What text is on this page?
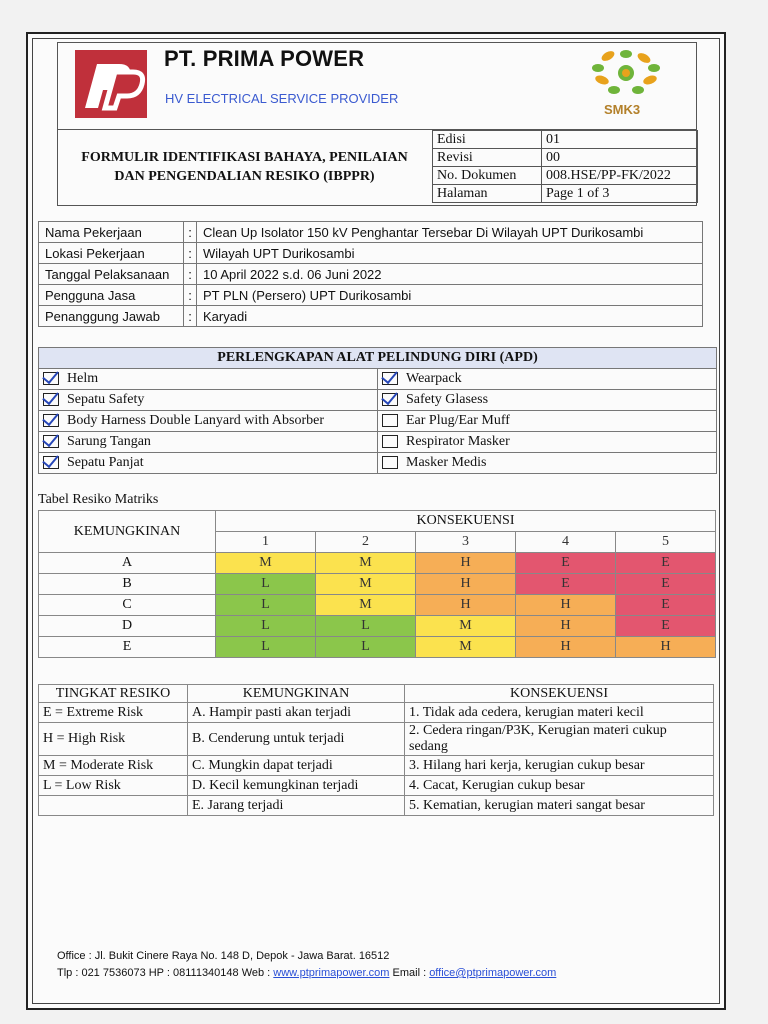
PT. PRIMA POWER
HV ELECTRICAL SERVICE PROVIDER
SMK3
FORMULIR IDENTIFIKASI BAHAYA, PENILAIAN
DAN PENGENDALIAN RESIKO (IBPPR)
Edisi	01
Revisi	00
No. Dokumen	008.HSE/PP-FK/2022
Halaman	Page 1 of 3
Nama Pekerjaan	:	Clean Up Isolator 150 kV Penghantar Tersebar Di Wilayah UPT Durikosambi
Lokasi Pekerjaan	:	Wilayah UPT Durikosambi
Tanggal Pelaksanaan	:	10 April 2022 s.d. 06 Juni 2022
Pengguna Jasa	:	PT PLN (Persero) UPT Durikosambi
Penanggung Jawab	:	Karyadi
PERLENGKAPAN ALAT PELINDUNG DIRI (APD)	
Helm	Wearpack
Sepatu Safety	Safety Glasess
Body Harness Double Lanyard with Absorber	Ear Plug/Ear Muff
Sarung Tangan	Respirator Masker
Sepatu Panjat	Masker Medis
Tabel Resiko Matriks
KEMUNGKINAN	KONSEKUENSI				
	1	2	3	4	5
A	M	M	H	E	E
B	L	M	H	E	E
C	L	M	H	H	E
D	L	L	M	H	E
E	L	L	M	H	H
TINGKAT RESIKO	KEMUNGKINAN	KONSEKUENSI
E = Extreme Risk	A. Hampir pasti akan terjadi	1. Tidak ada cedera, kerugian materi kecil
H = High Risk	B. Cenderung untuk terjadi	2. Cedera ringan/P3K, Kerugian materi cukup sedang
M = Moderate Risk	C. Mungkin dapat terjadi	3. Hilang hari kerja, kerugian cukup besar
L = Low Risk	D. Kecil kemungkinan terjadi	4. Cacat, Kerugian cukup besar
	E. Jarang terjadi	5. Kematian, kerugian materi sangat besar
Office : Jl. Bukit Cinere Raya No. 148 D, Depok - Jawa Barat. 16512
Tlp : 021 7536073 HP : 08111340148 Web : www.ptprimapower.com Email : office@ptprimapower.com
